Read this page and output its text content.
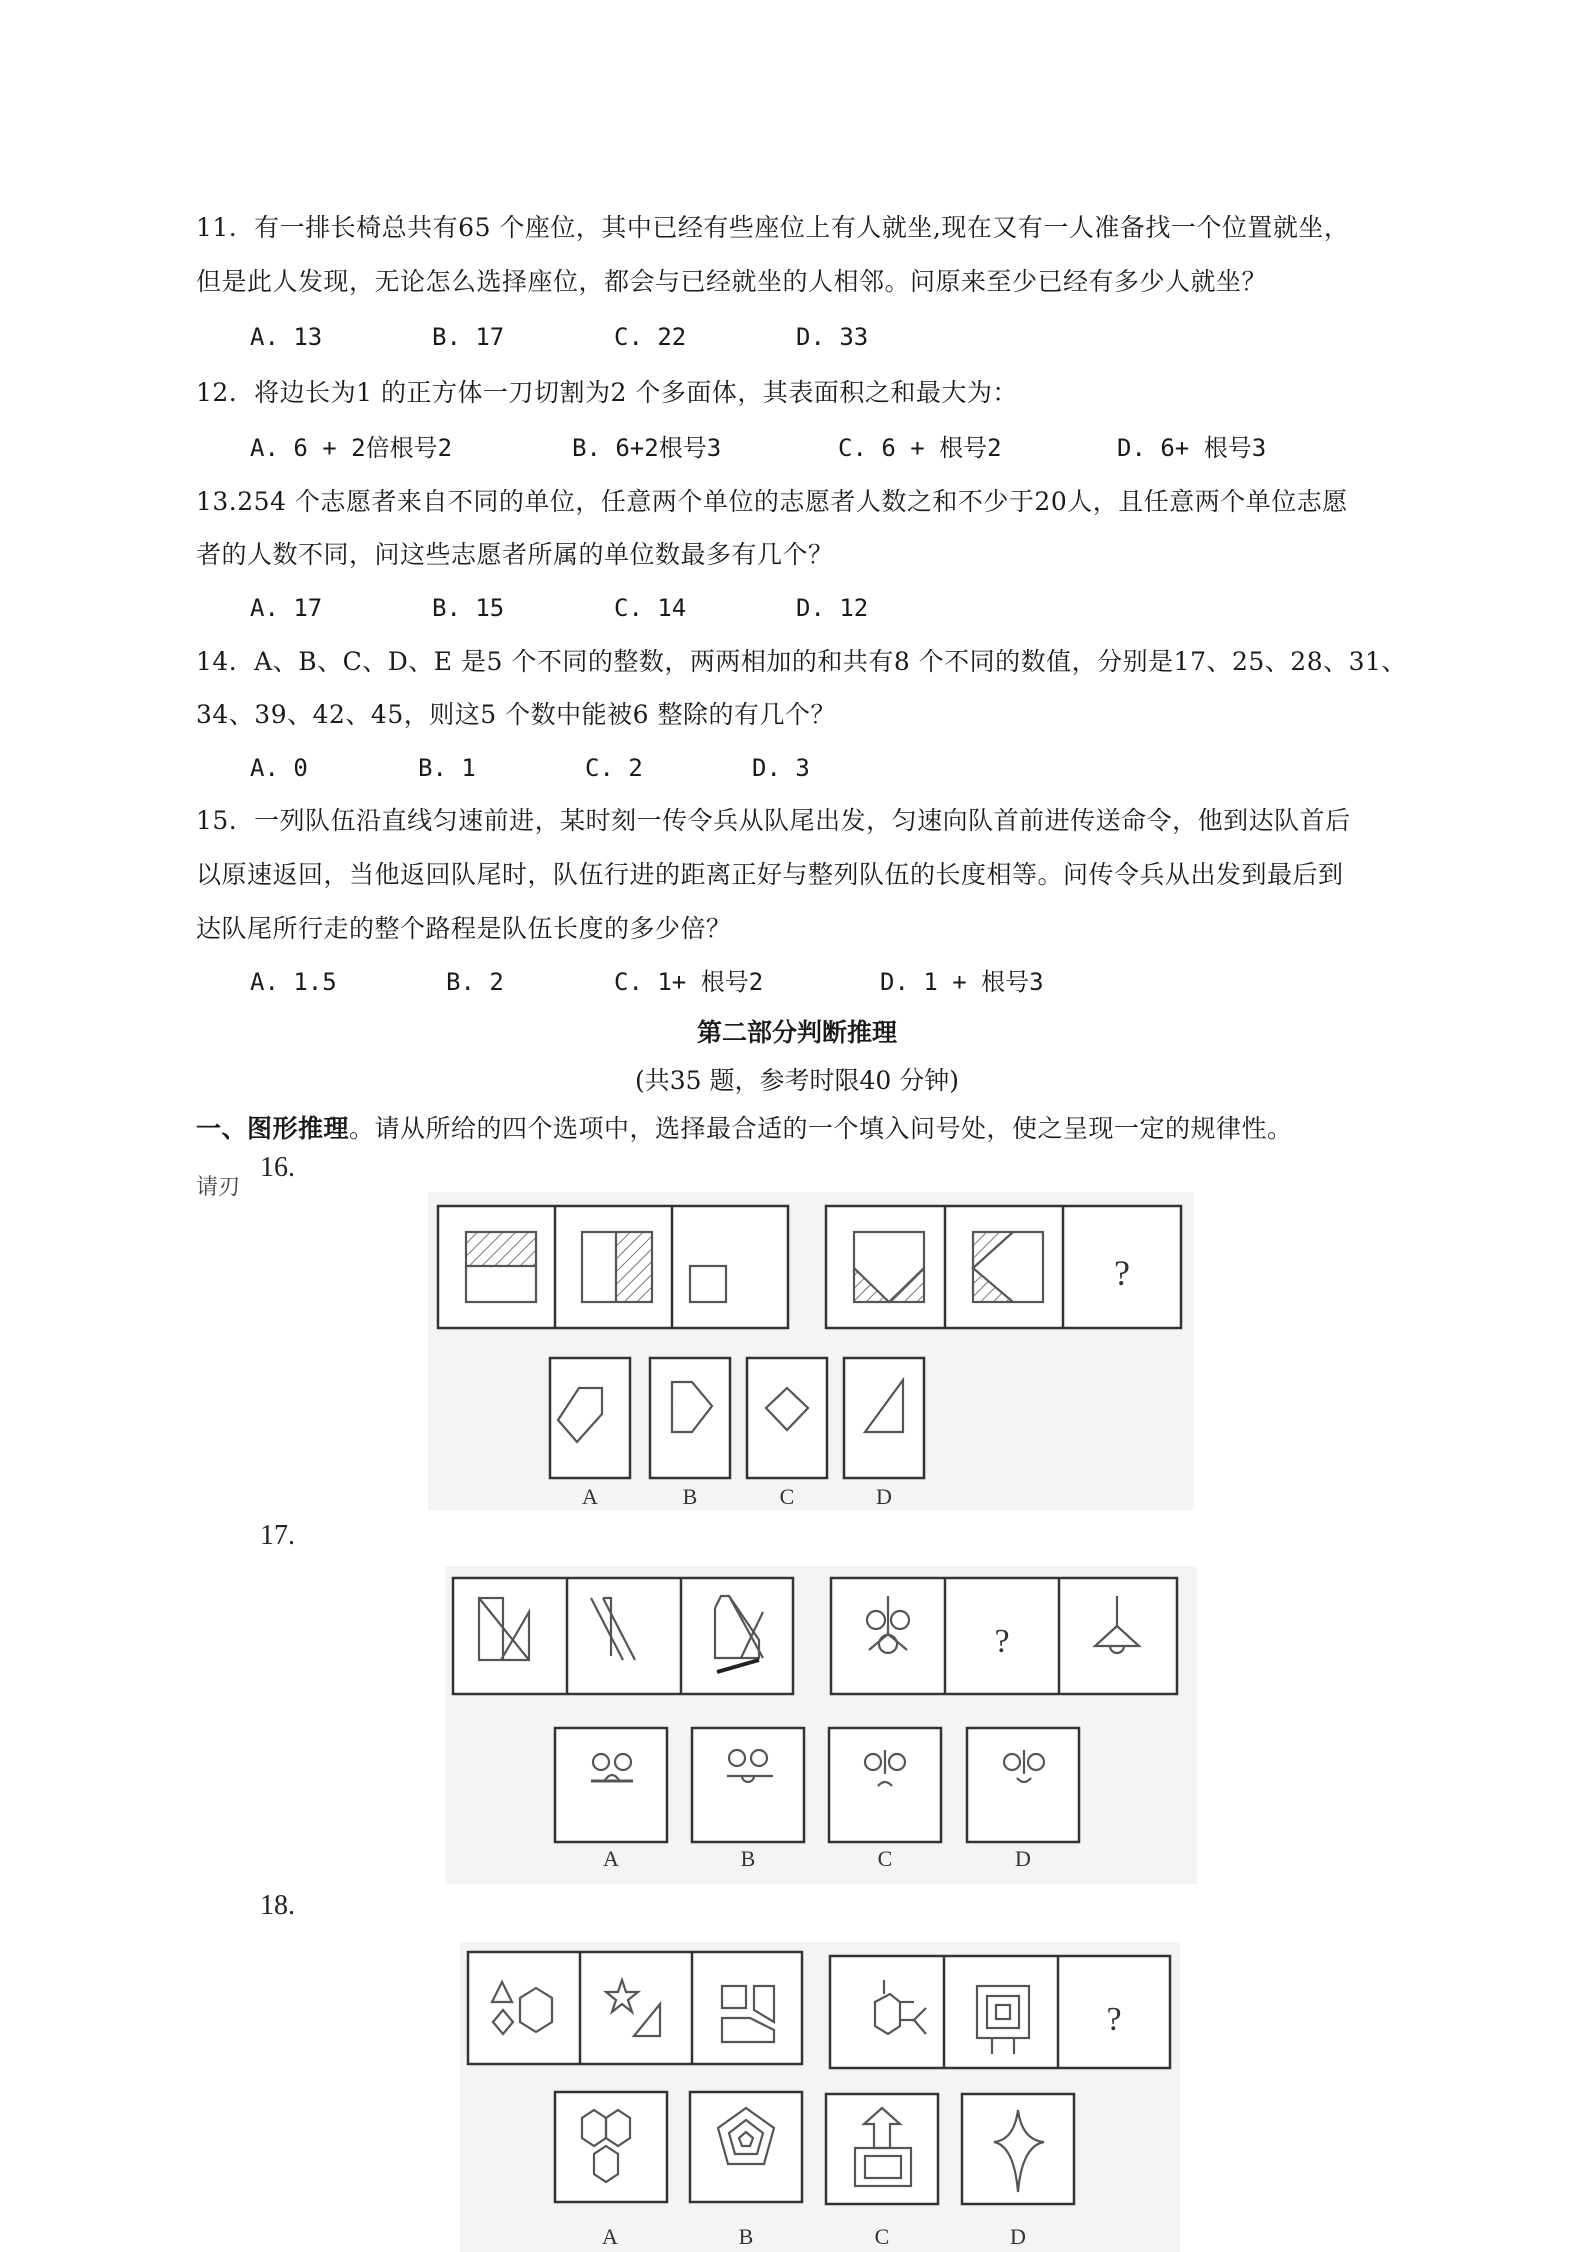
11. 有一排长椅总共有65 个座位，其中已经有些座位上有人就坐,现在又有一人准备找一个位置就坐，
但是此人发现，无论怎么选择座位，都会与已经就坐的人相邻。问原来至少已经有多少人就坐？
A. 13	B. 17	C. 22	D. 33
12. 将边长为1 的正方体一刀切割为2 个多面体，其表面积之和最大为：
A. 6 + 2倍根号2	B. 6+2根号3	C. 6 + 根号2	D. 6+ 根号3
13.254 个志愿者来自不同的单位，任意两个单位的志愿者人数之和不少于20人，且任意两个单位志愿
者的人数不同，问这些志愿者所属的单位数最多有几个？
A. 17	B. 15	C. 14	D. 12
14. A、B、C、D、E 是5 个不同的整数，两两相加的和共有8 个不同的数值，分别是17、25、28、31、
34、39、42、45，则这5 个数中能被6 整除的有几个？
A. 0	B. 1	C. 2	D. 3
15. 一列队伍沿直线匀速前进，某时刻一传令兵从队尾出发，匀速向队首前进传送命令，他到达队首后
以原速返回，当他返回队尾时，队伍行进的距离正好与整列队伍的长度相等。问传令兵从出发到最后到
达队尾所行走的整个路程是队伍长度的多少倍？
A. 1.5	B. 2	C. 1+ 根号2	D. 1 + 根号3
第二部分判断推理
(共35 题，参考时限40 分钟)
一、图形推理。请从所给的四个选项中，选择最合适的一个填入问号处，使之呈现一定的规律性。
请刃
16.
?
A	B	C	D
17.
?
A	B	C	D
18.
?
A	B	C	D
